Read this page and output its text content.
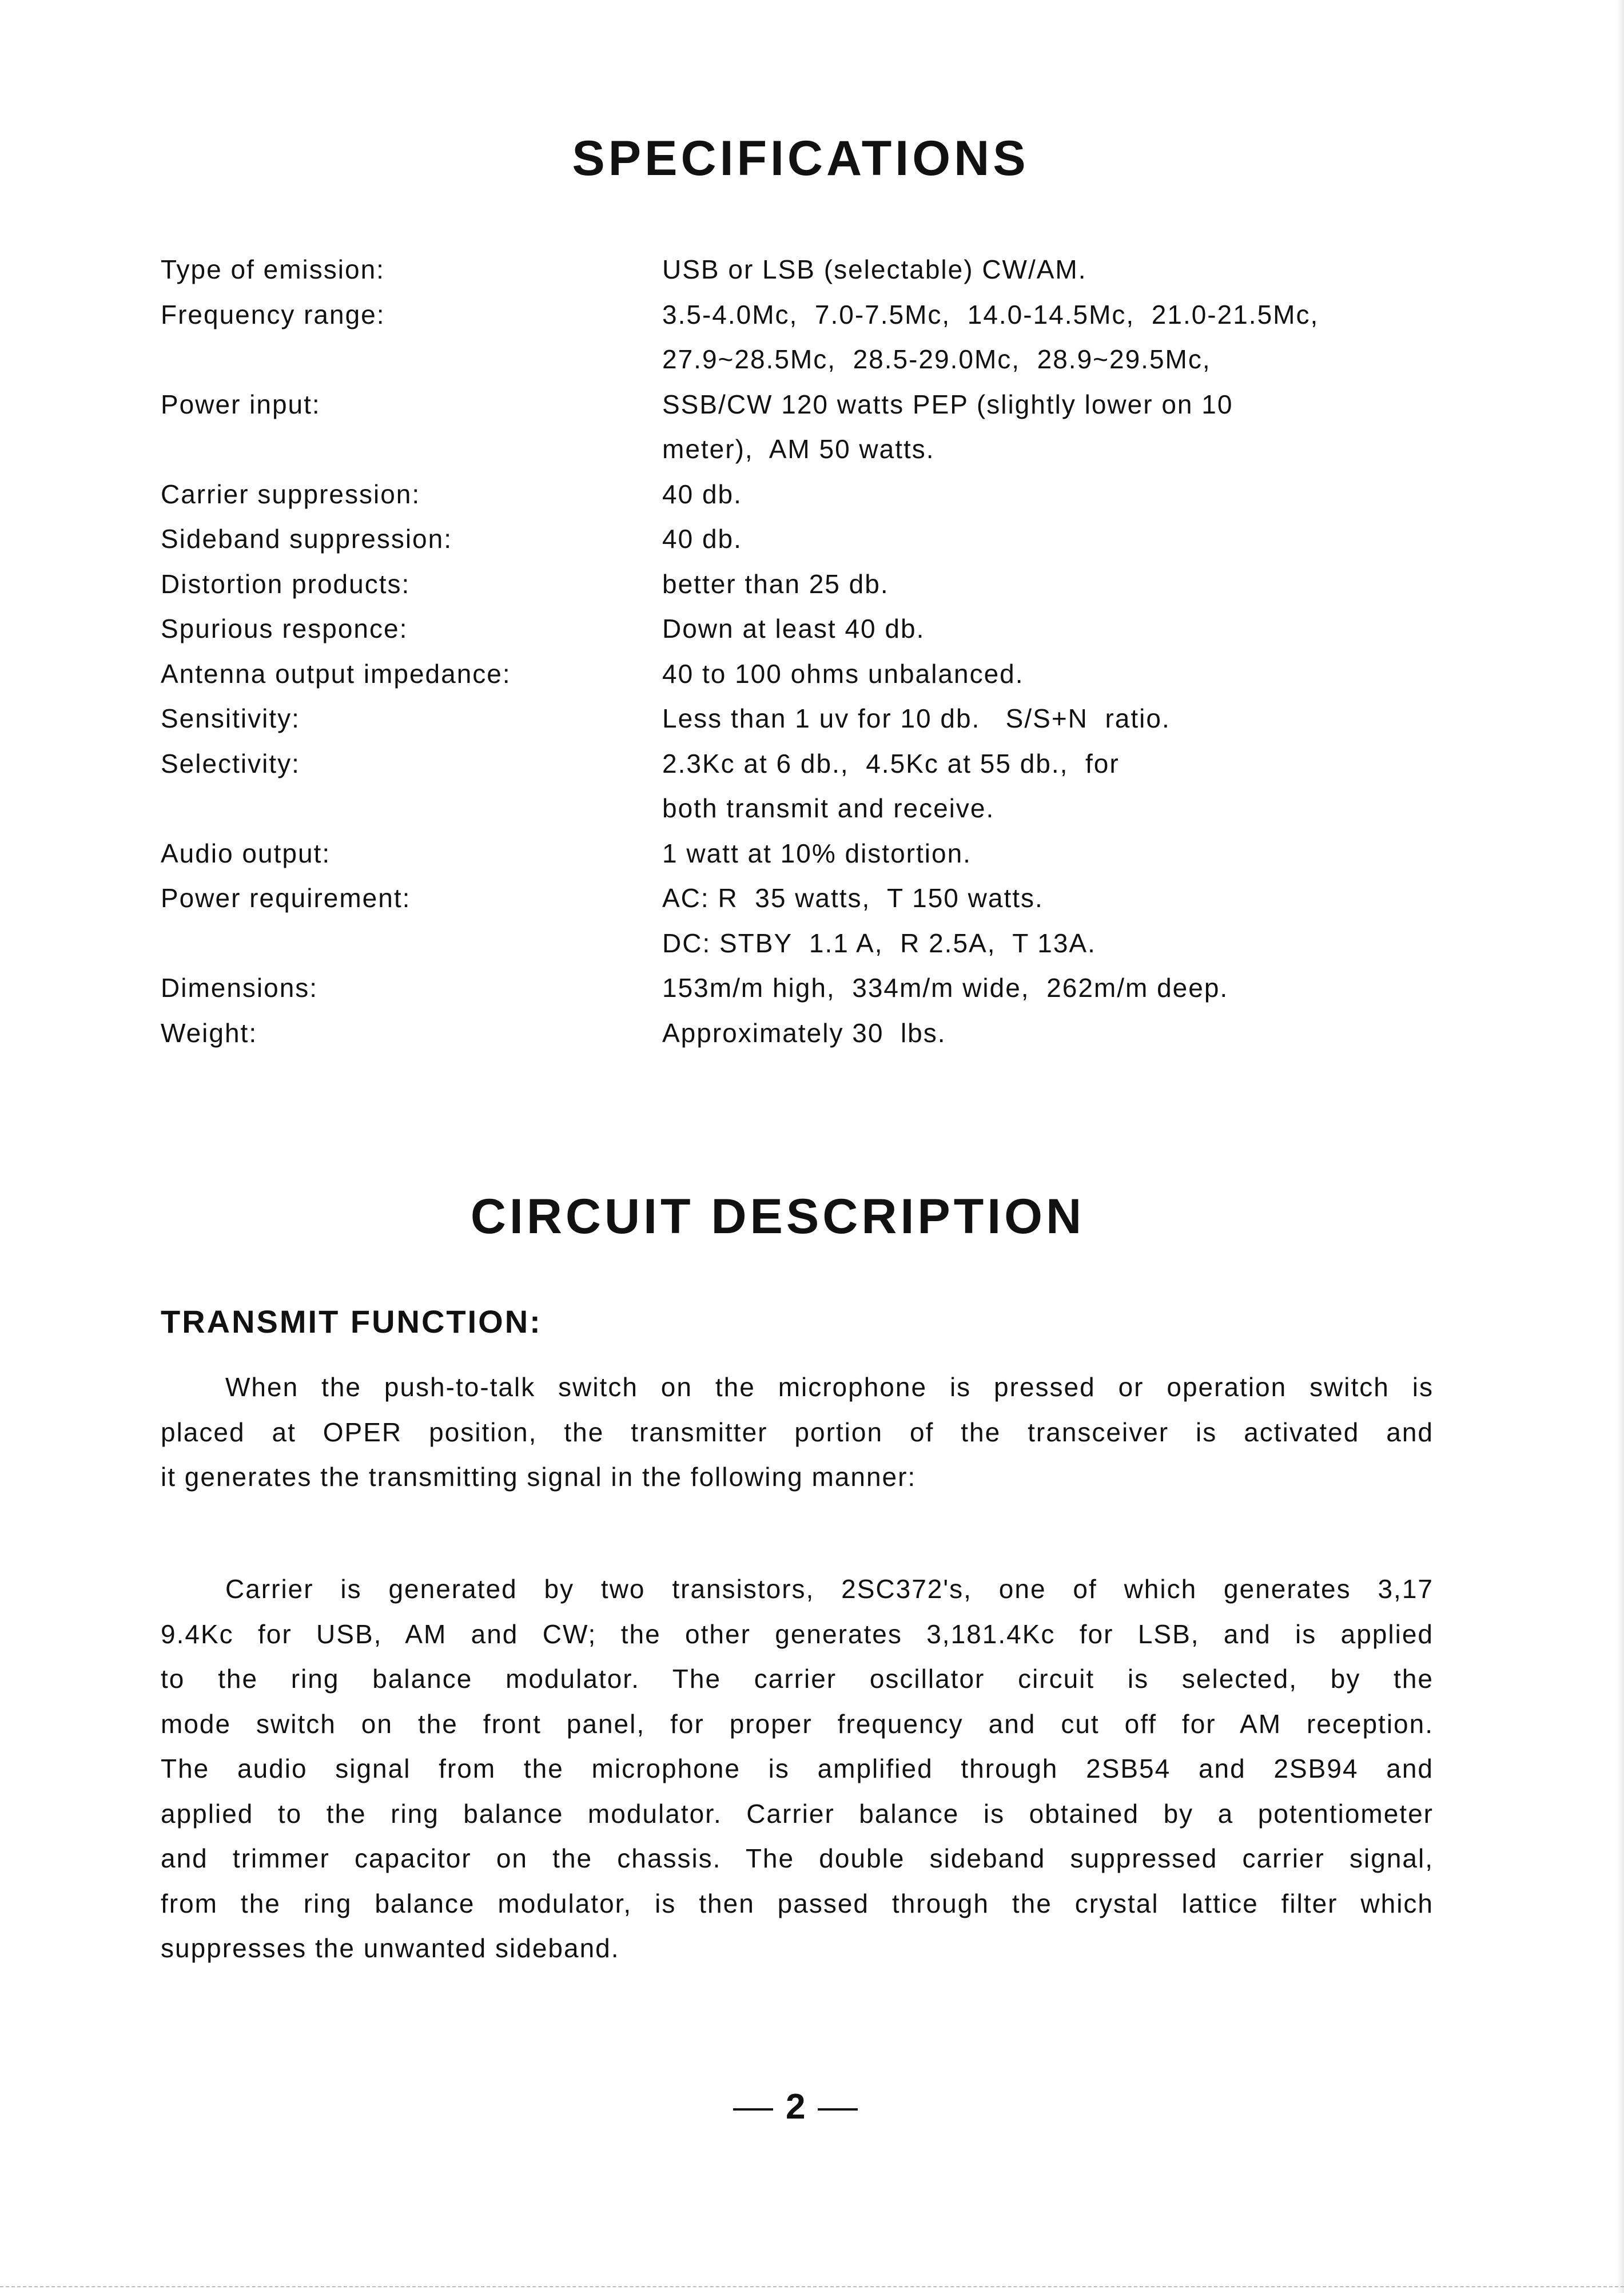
SPECIFICATIONS
Type of emission:	USB or LSB (selectable) CW/AM.
Frequency range:	3.5-4.0Mc,  7.0-7.5Mc,  14.0-14.5Mc,  21.0-21.5Mc,
27.9~28.5Mc,  28.5-29.0Mc,  28.9~29.5Mc,
Power input:	SSB/CW 120 watts PEP (slightly lower on 10
meter),  AM 50 watts.
Carrier suppression:	40 db.
Sideband suppression:	40 db.
Distortion products:	better than 25 db.
Spurious responce:	Down at least 40 db.
Antenna output impedance:	40 to 100 ohms unbalanced.
Sensitivity:	Less than 1 uv for 10 db.   S/S+N  ratio.
Selectivity:	2.3Kc at 6 db.,  4.5Kc at 55 db.,  for
both transmit and receive.
Audio output:	1 watt at 10% distortion.
Power requirement:	AC: R  35 watts,  T 150 watts.
DC: STBY  1.1 A,  R 2.5A,  T 13A.
Dimensions:	153m/m high,  334m/m wide,  262m/m deep.
Weight:	Approximately 30  lbs.
CIRCUIT DESCRIPTION
TRANSMIT FUNCTION:
When the push-to-talk switch on the microphone is pressed or operation switch is
placed at OPER position, the transmitter portion of the transceiver is activated and
it generates the transmitting signal in the following manner:
Carrier is generated by two transistors, 2SC372's, one of which generates 3,17
9.4Kc for USB, AM and CW; the other generates 3,181.4Kc for LSB, and is applied
to the ring balance modulator. The carrier oscillator circuit is selected, by the
mode switch on the front panel, for proper frequency and cut off for AM reception.
The audio signal from the microphone is amplified through 2SB54 and 2SB94 and
applied to the ring balance modulator. Carrier balance is obtained by a potentiometer
and trimmer capacitor on the chassis. The double sideband suppressed carrier signal,
from the ring balance modulator, is then passed through the crystal lattice filter which
suppresses the unwanted sideband.
2
